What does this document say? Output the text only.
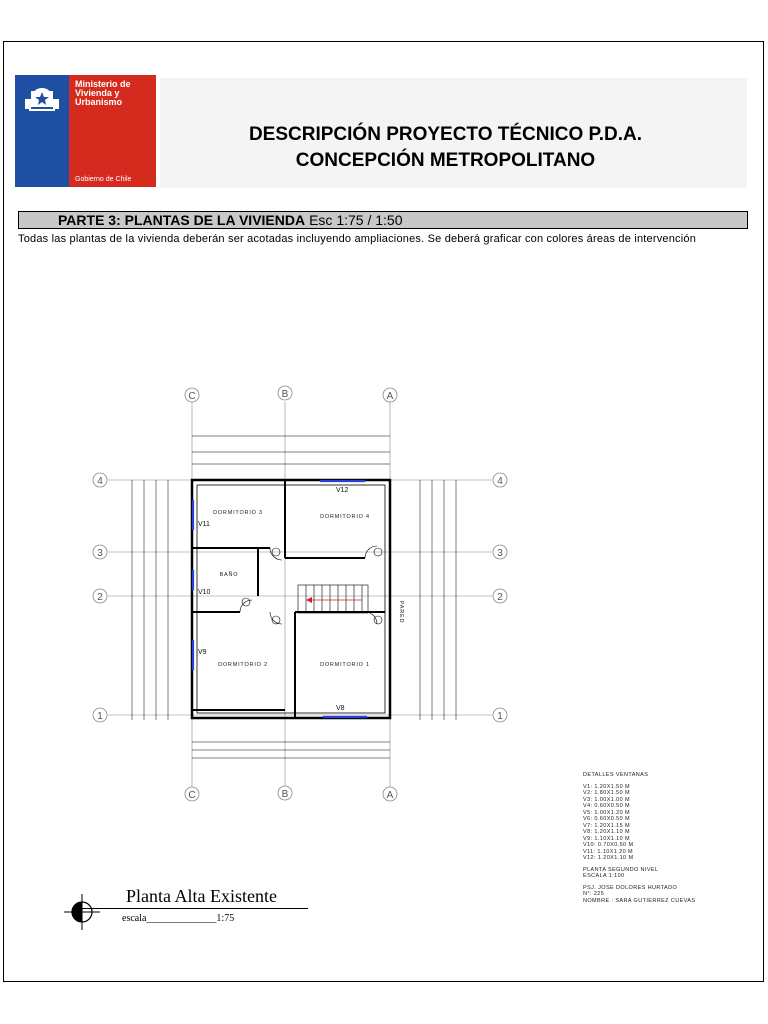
Ministerio de
Vivienda y
Urbanismo
Gobierno de Chile
DESCRIPCIÓN PROYECTO TÉCNICO P.D.A.
CONCEPCIÓN METROPOLITANO
PARTE 3: PLANTAS DE LA VIVIENDA Esc 1:75 / 1:50
Todas las plantas de la vivienda deberán ser acotadas incluyendo ampliaciones. Se deberá graficar con colores áreas de intervención
C	B	A
C	B	A
4
3
2
1
4
3
2
1
DORMITORIO 3
DORMITORIO 4
BAÑO
DORMITORIO 2	DORMITORIO 1
PARED
V12
V11
V10
V9
V8
DETALLES VENTANAS
V1: 1.20X1.50 M
V2: 1.80X1.50 M
V3: 1.00X1.00 M
V4: 0.60X0.50 M
V5: 1.00X1.20 M
V6: 0.60X0.50 M
V7: 1.20X1.15 M
V8: 1.20X1.10 M
V9: 1.10X1.10 M
V10: 0.70X0.50 M
V11: 1.10X1.20 M
V12: 1.20X1.10 M
PLANTA SEGUNDO NIVEL
ESCALA 1:100
PSJ. JOSE DOLORES HURTADO
N°: 225
NOMBRE : SARA GUTIERREZ CUEVAS
Planta Alta Existente
escala______________1:75
